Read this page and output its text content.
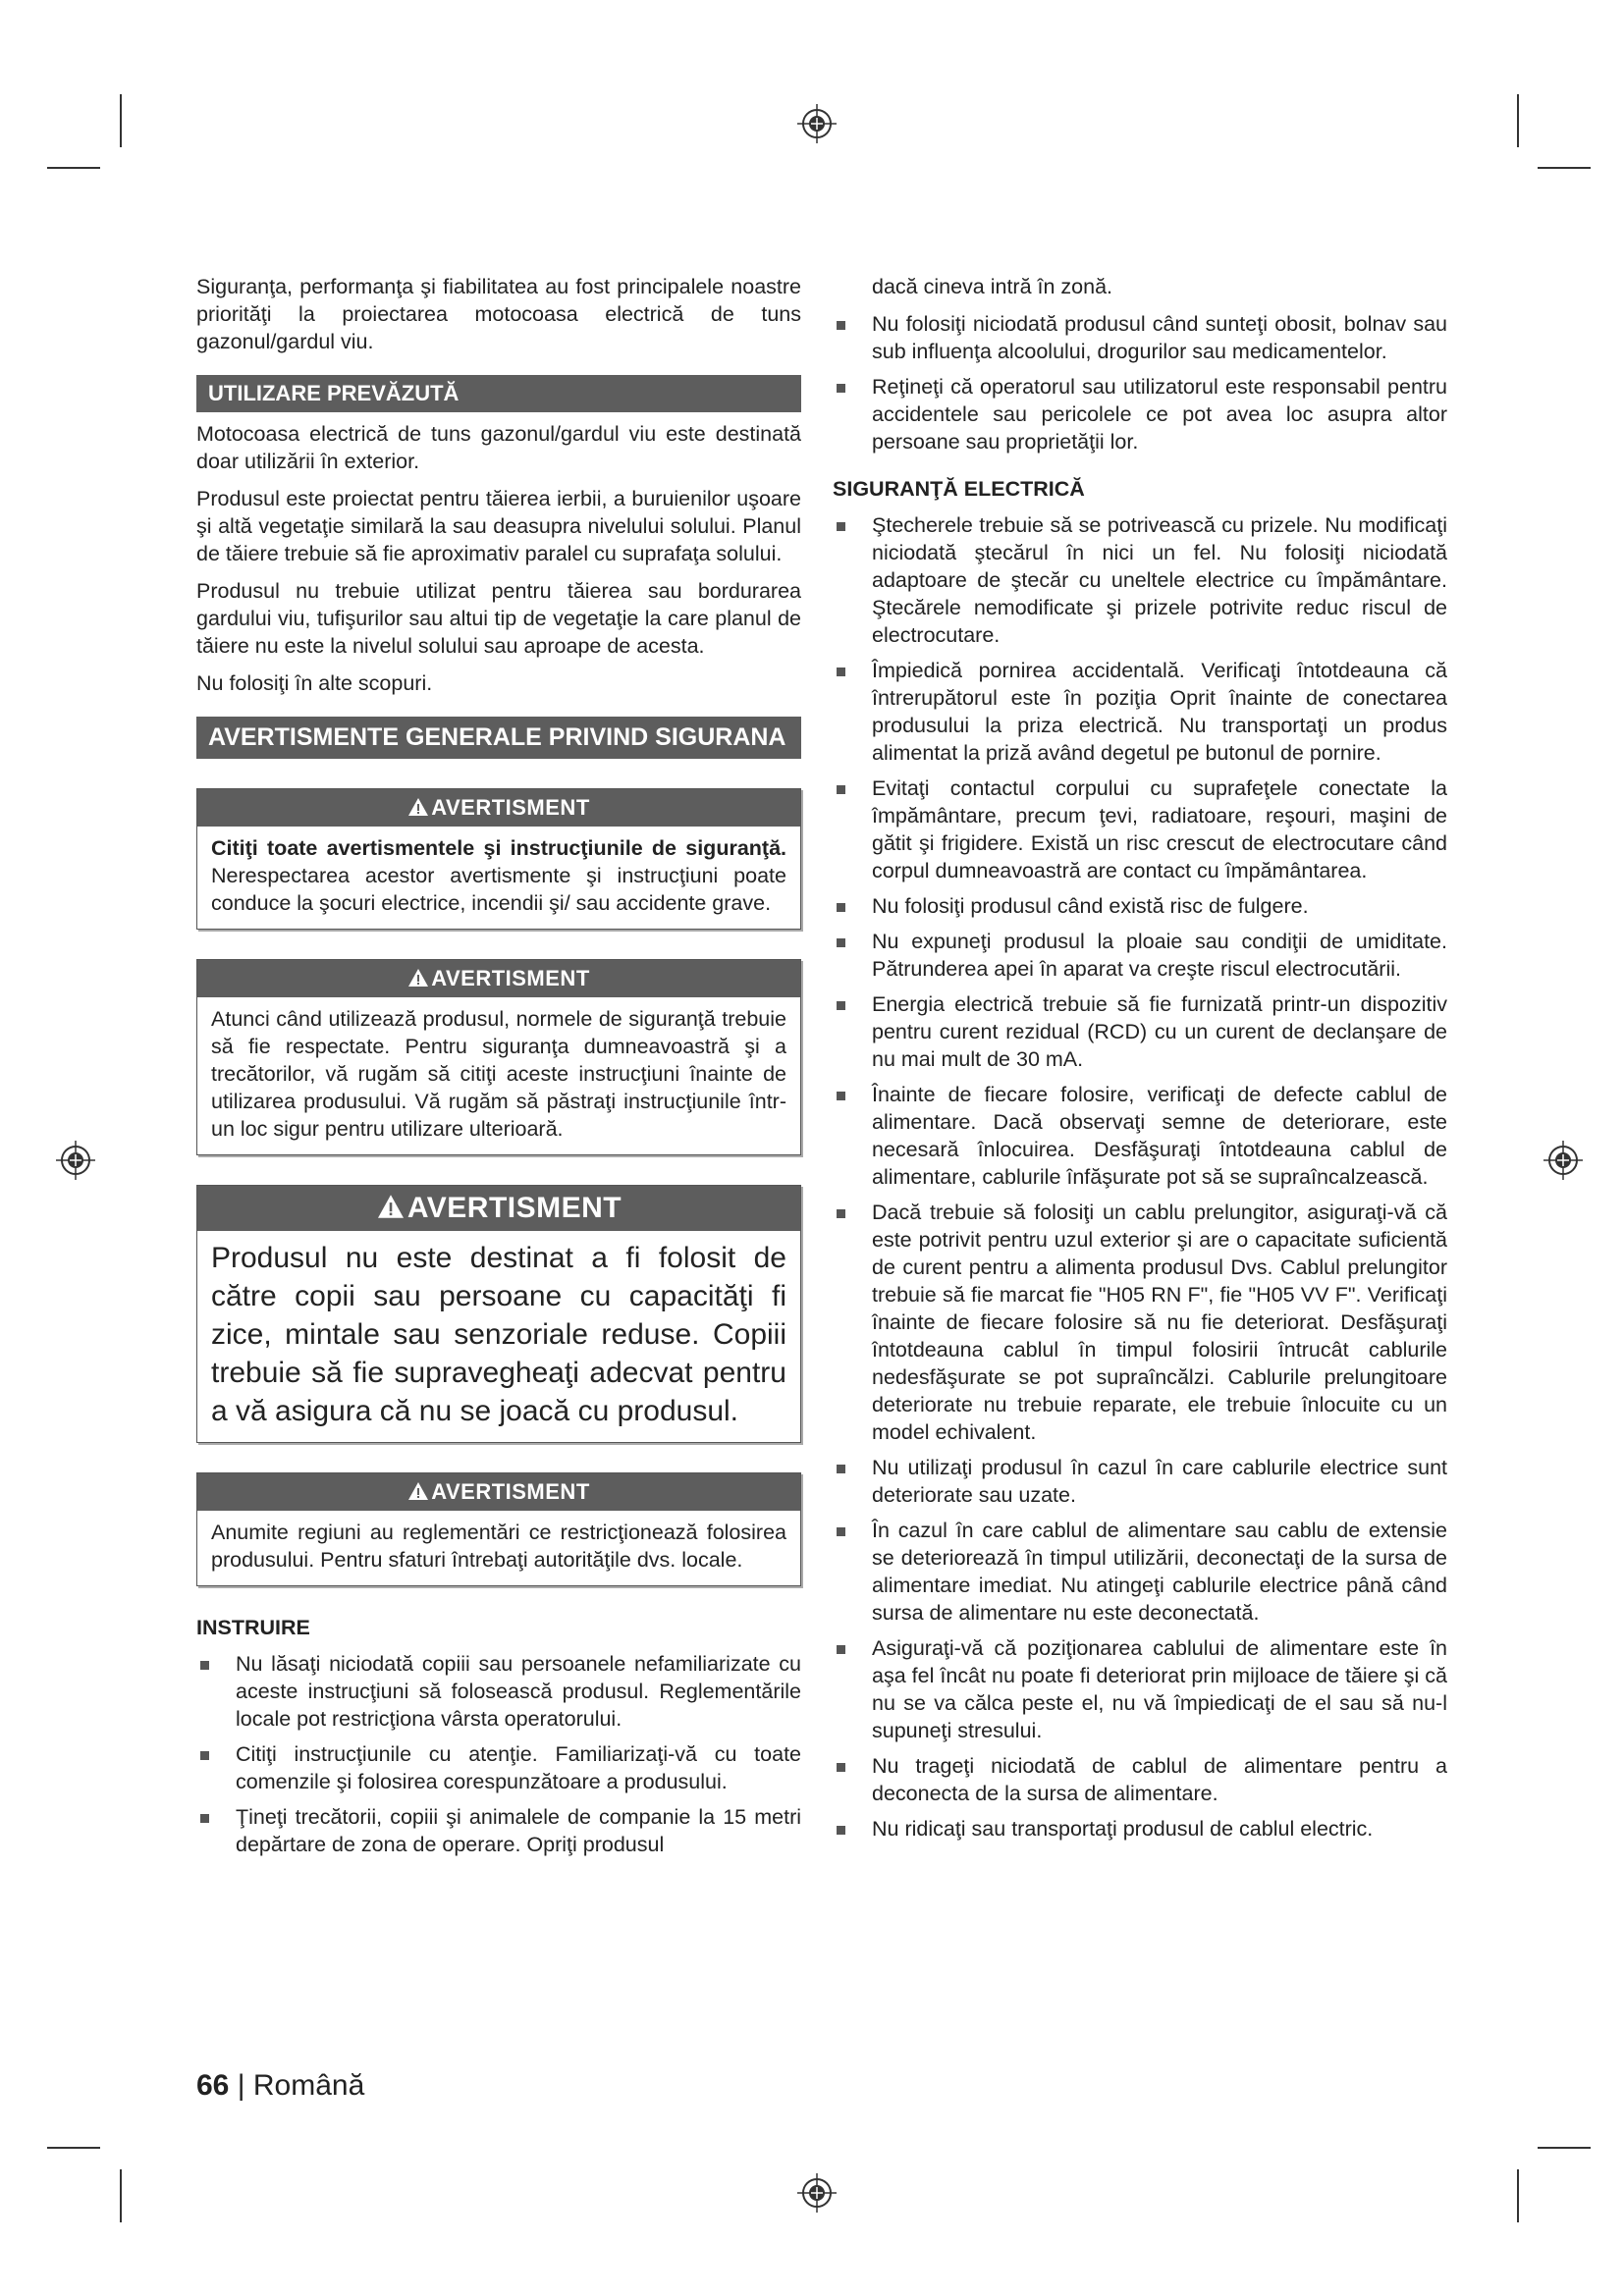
Siguranţa, performanţa şi fiabilitatea au fost principalele noastre priorităţi la proiectarea motocoasa electrică de tuns gazonul/gardul viu.

UTILIZARE PREVĂZUTĂ

Motocoasa electrică de tuns gazonul/gardul viu este destinată doar utilizării în exterior.

Produsul este proiectat pentru tăierea ierbii, a buruienilor uşoare şi altă vegetaţie similară la sau deasupra nivelului solului. Planul de tăiere trebuie să fie aproximativ paralel cu suprafaţa solului.

Produsul nu trebuie utilizat pentru tăierea sau bordurarea gardului viu, tufişurilor sau altui tip de vegetaţie la care planul de tăiere nu este la nivelul solului sau aproape de acesta.

Nu folosiţi în alte scopuri.

AVERTISMENTE GENERALE PRIVIND SIGURANA
AVERTISMENT

Citiţi toate avertismentele şi instrucţiunile de siguranţă. Nerespectarea acestor avertismente şi instrucţiuni poate conduce la şocuri electrice, incendii şi/ sau accidente grave.

AVERTISMENT

Atunci când utilizează produsul, normele de siguranţă trebuie să fie respectate. Pentru siguranţa dumneavoastră şi a trecătorilor, vă rugăm să citiţi aceste instrucţiuni înainte de utilizarea produsului. Vă rugăm să păstraţi instrucţiunile într-un loc sigur pentru utilizare ulterioară.

AVERTISMENT

Produsul nu este destinat a fi folosit de către copii sau persoane cu capacităţi fi zice, mintale sau senzoriale reduse. Copiii trebuie să fie supravegheaţi adecvat pentru a vă asigura că nu se joacă cu produsul.

AVERTISMENT

Anumite regiuni au reglementări ce restricţionează folosirea produsului. Pentru sfaturi întrebaţi autorităţile dvs. locale.

INSTRUIRE
Nu lăsaţi niciodată copiii sau persoanele nefamiliarizate cu aceste instrucţiuni să folosească produsul. Reglementările locale pot restricţiona vârsta operatorului.
Citiţi instrucţiunile cu atenţie. Familiarizaţi-vă cu toate comenzile şi folosirea corespunzătoare a produsului.
Ţineţi trecătorii, copiii şi animalele de companie la 15 metri depărtare de zona de operare. Opriţi produsul

dacă cineva intră în zonă.

Nu folosiţi niciodată produsul când sunteţi obosit, bolnav sau sub influenţa alcoolului, drogurilor sau medicamentelor.
Reţineţi că operatorul sau utilizatorul este responsabil pentru accidentele sau pericolele ce pot avea loc asupra altor persoane sau proprietăţii lor.
SIGURANŢĂ ELECTRICĂ
Ştecherele trebuie să se potrivească cu prizele. Nu modificaţi niciodată ştecărul în nici un fel. Nu folosiţi niciodată adaptoare de ştecăr cu uneltele electrice cu împământare. Ştecărele nemodificate şi prizele potrivite reduc riscul de electrocutare.
Împiedică pornirea accidentală. Verificaţi întotdeauna că întrerupătorul este în poziţia Oprit înainte de conectarea produsului la priza electrică. Nu transportaţi un produs alimentat la priză având degetul pe butonul de pornire.
Evitaţi contactul corpului cu suprafeţele conectate la împământare, precum ţevi, radiatoare, reşouri, maşini de gătit şi frigidere. Există un risc crescut de electrocutare când corpul dumneavoastră are contact cu împământarea.
Nu folosiţi produsul când există risc de fulgere.
Nu expuneţi produsul la ploaie sau condiţii de umiditate. Pătrunderea apei în aparat va creşte riscul electrocutării.
Energia electrică trebuie să fie furnizată printr-un dispozitiv pentru curent rezidual (RCD) cu un curent de declanşare de nu mai mult de 30 mA.
Înainte de fiecare folosire, verificaţi de defecte cablul de alimentare. Dacă observaţi semne de deteriorare, este necesară înlocuirea. Desfăşuraţi întotdeauna cablul de alimentare, cablurile înfăşurate pot să se supraîncalzească.
Dacă trebuie să folosiţi un cablu prelungitor, asiguraţi-vă că este potrivit pentru uzul exterior şi are o capacitate suficientă de curent pentru a alimenta produsul Dvs. Cablul prelungitor trebuie să fie marcat fie "H05 RN F", fie "H05 VV F". Verificaţi înainte de fiecare folosire să nu fie deteriorat. Desfăşuraţi întotdeauna cablul în timpul folosirii întrucât cablurile nedesfăşurate se pot supraîncălzi. Cablurile prelungitoare deteriorate nu trebuie reparate, ele trebuie înlocuite cu un model echivalent.
Nu utilizaţi produsul în cazul în care cablurile electrice sunt deteriorate sau uzate.
În cazul în care cablul de alimentare sau cablu de extensie se deteriorează în timpul utilizării, deconectaţi de la sursa de alimentare imediat. Nu atingeţi cablurile electrice până când sursa de alimentare nu este deconectată.
Asiguraţi-vă că poziţionarea cablului de alimentare este în aşa fel încât nu poate fi deteriorat prin mijloace de tăiere şi că nu se va călca peste el, nu vă împiedicaţi de el sau să nu-l supuneţi stresului.
Nu trageţi niciodată de cablul de alimentare pentru a deconecta de la sursa de alimentare.
Nu ridicaţi sau transportaţi produsul de cablul electric.
66 | Română
